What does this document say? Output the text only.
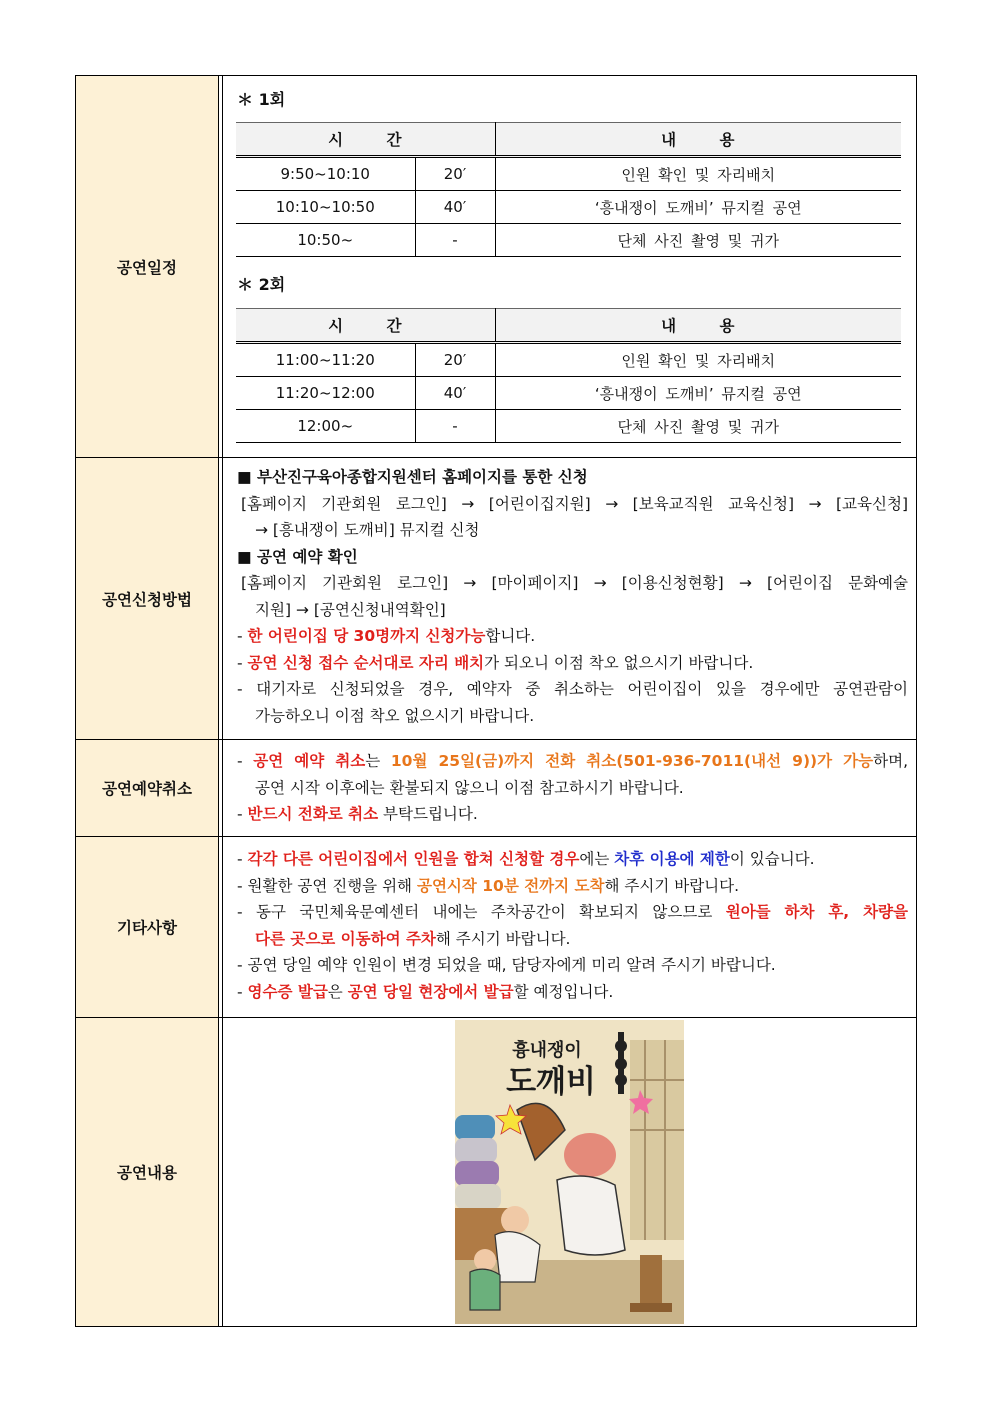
공연일정
＊ 1회
시 간		내 용
9:50~10:10	20′	인원 확인 및 자리배치
10:10~10:50	40′	‘흥내쟁이 도깨비’ 뮤지컬 공연
10:50~	-	단체 사진 촬영 및 귀가
＊ 2회
시 간		내 용
11:00~11:20	20′	인원 확인 및 자리배치
11:20~12:00	40′	‘흥내쟁이 도깨비’ 뮤지컬 공연
12:00~	-	단체 사진 촬영 및 귀가
공연신청방법

■ 부산진구육아종합지원센터 홈페이지를 통한 신청

[홈페이지 기관회원 로그인] → [어린이집지원] → [보육교직원 교육신청] → [교육신청]

→ [흥내쟁이 도깨비] 뮤지컬 신청

■ 공연 예약 확인

[홈페이지 기관회원 로그인] → [마이페이지] → [이용신청현황] → [어린이집 문화예술

지원] → [공연신청내역확인]

- 한 어린이집 당 30명까지 신청가능합니다.

- 공연 신청 접수 순서대로 자리 배치가 되오니 이점 착오 없으시기 바랍니다.

- 대기자로 신청되었을 경우, 예약자 중 취소하는 어린이집이 있을 경우에만 공연관람이

가능하오니 이점 착오 없으시기 바랍니다.

공연예약취소

- 공연 예약 취소는 10월 25일(금)까지 전화 취소(501-936-7011(내선 9))가 가능하며,

공연 시작 이후에는 환불되지 않으니 이점 참고하시기 바랍니다.

- 반드시 전화로 취소 부탁드립니다.

기타사항

- 각각 다른 어린이집에서 인원을 합쳐 신청할 경우에는 차후 이용에 제한이 있습니다.

- 원활한 공연 진행을 위해 공연시작 10분 전까지 도착해 주시기 바랍니다.

- 동구 국민체육문예센터 내에는 주차공간이 확보되지 않으므로 원아들 하차 후, 차량을

다른 곳으로 이동하여 주차해 주시기 바랍니다.

- 공연 당일 예약 인원이 변경 되었을 때, 담당자에게 미리 알려 주시기 바랍니다.

- 영수증 발급은 공연 당일 현장에서 발급할 예정입니다.

공연내용
흉내쟁이
도깨비
